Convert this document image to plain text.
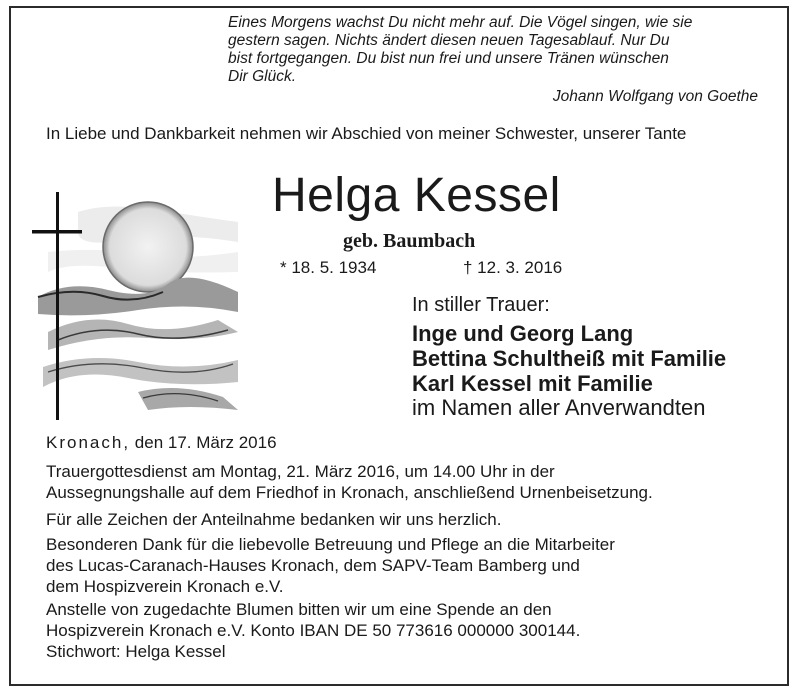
Eines Morgens wachst Du nicht mehr auf. Die Vögel singen, wie sie
gestern sagen. Nichts ändert diesen neuen Tagesablauf. Nur Du
bist fortgegangen. Du bist nun frei und unsere Tränen wünschen
Dir Glück.
Johann Wolfgang von Goethe
In Liebe und Dankbarkeit nehmen wir Abschied von meiner Schwester, unserer Tante
Helga Kessel
geb. Baumbach
* 18. 5. 1934	† 12. 3. 2016
In stiller Trauer:
Inge und Georg Lang
Bettina Schultheiß mit Familie
Karl Kessel mit Familie
im Namen aller Anverwandten
Kronach, den 17. März 2016
Trauergottesdienst am Montag, 21. März 2016, um 14.00 Uhr in der
Aussegnungshalle auf dem Friedhof in Kronach, anschließend Urnenbeisetzung.
Für alle Zeichen der Anteilnahme bedanken wir uns herzlich.
Besonderen Dank für die liebevolle Betreuung und Pflege an die Mitarbeiter
des Lucas-Caranach-Hauses Kronach, dem SAPV-Team Bamberg und
dem Hospizverein Kronach e.V.
Anstelle von zugedachte Blumen bitten wir um eine Spende an den
Hospizverein Kronach e.V. Konto IBAN DE 50 773616 000000 300144.
Stichwort: Helga Kessel
